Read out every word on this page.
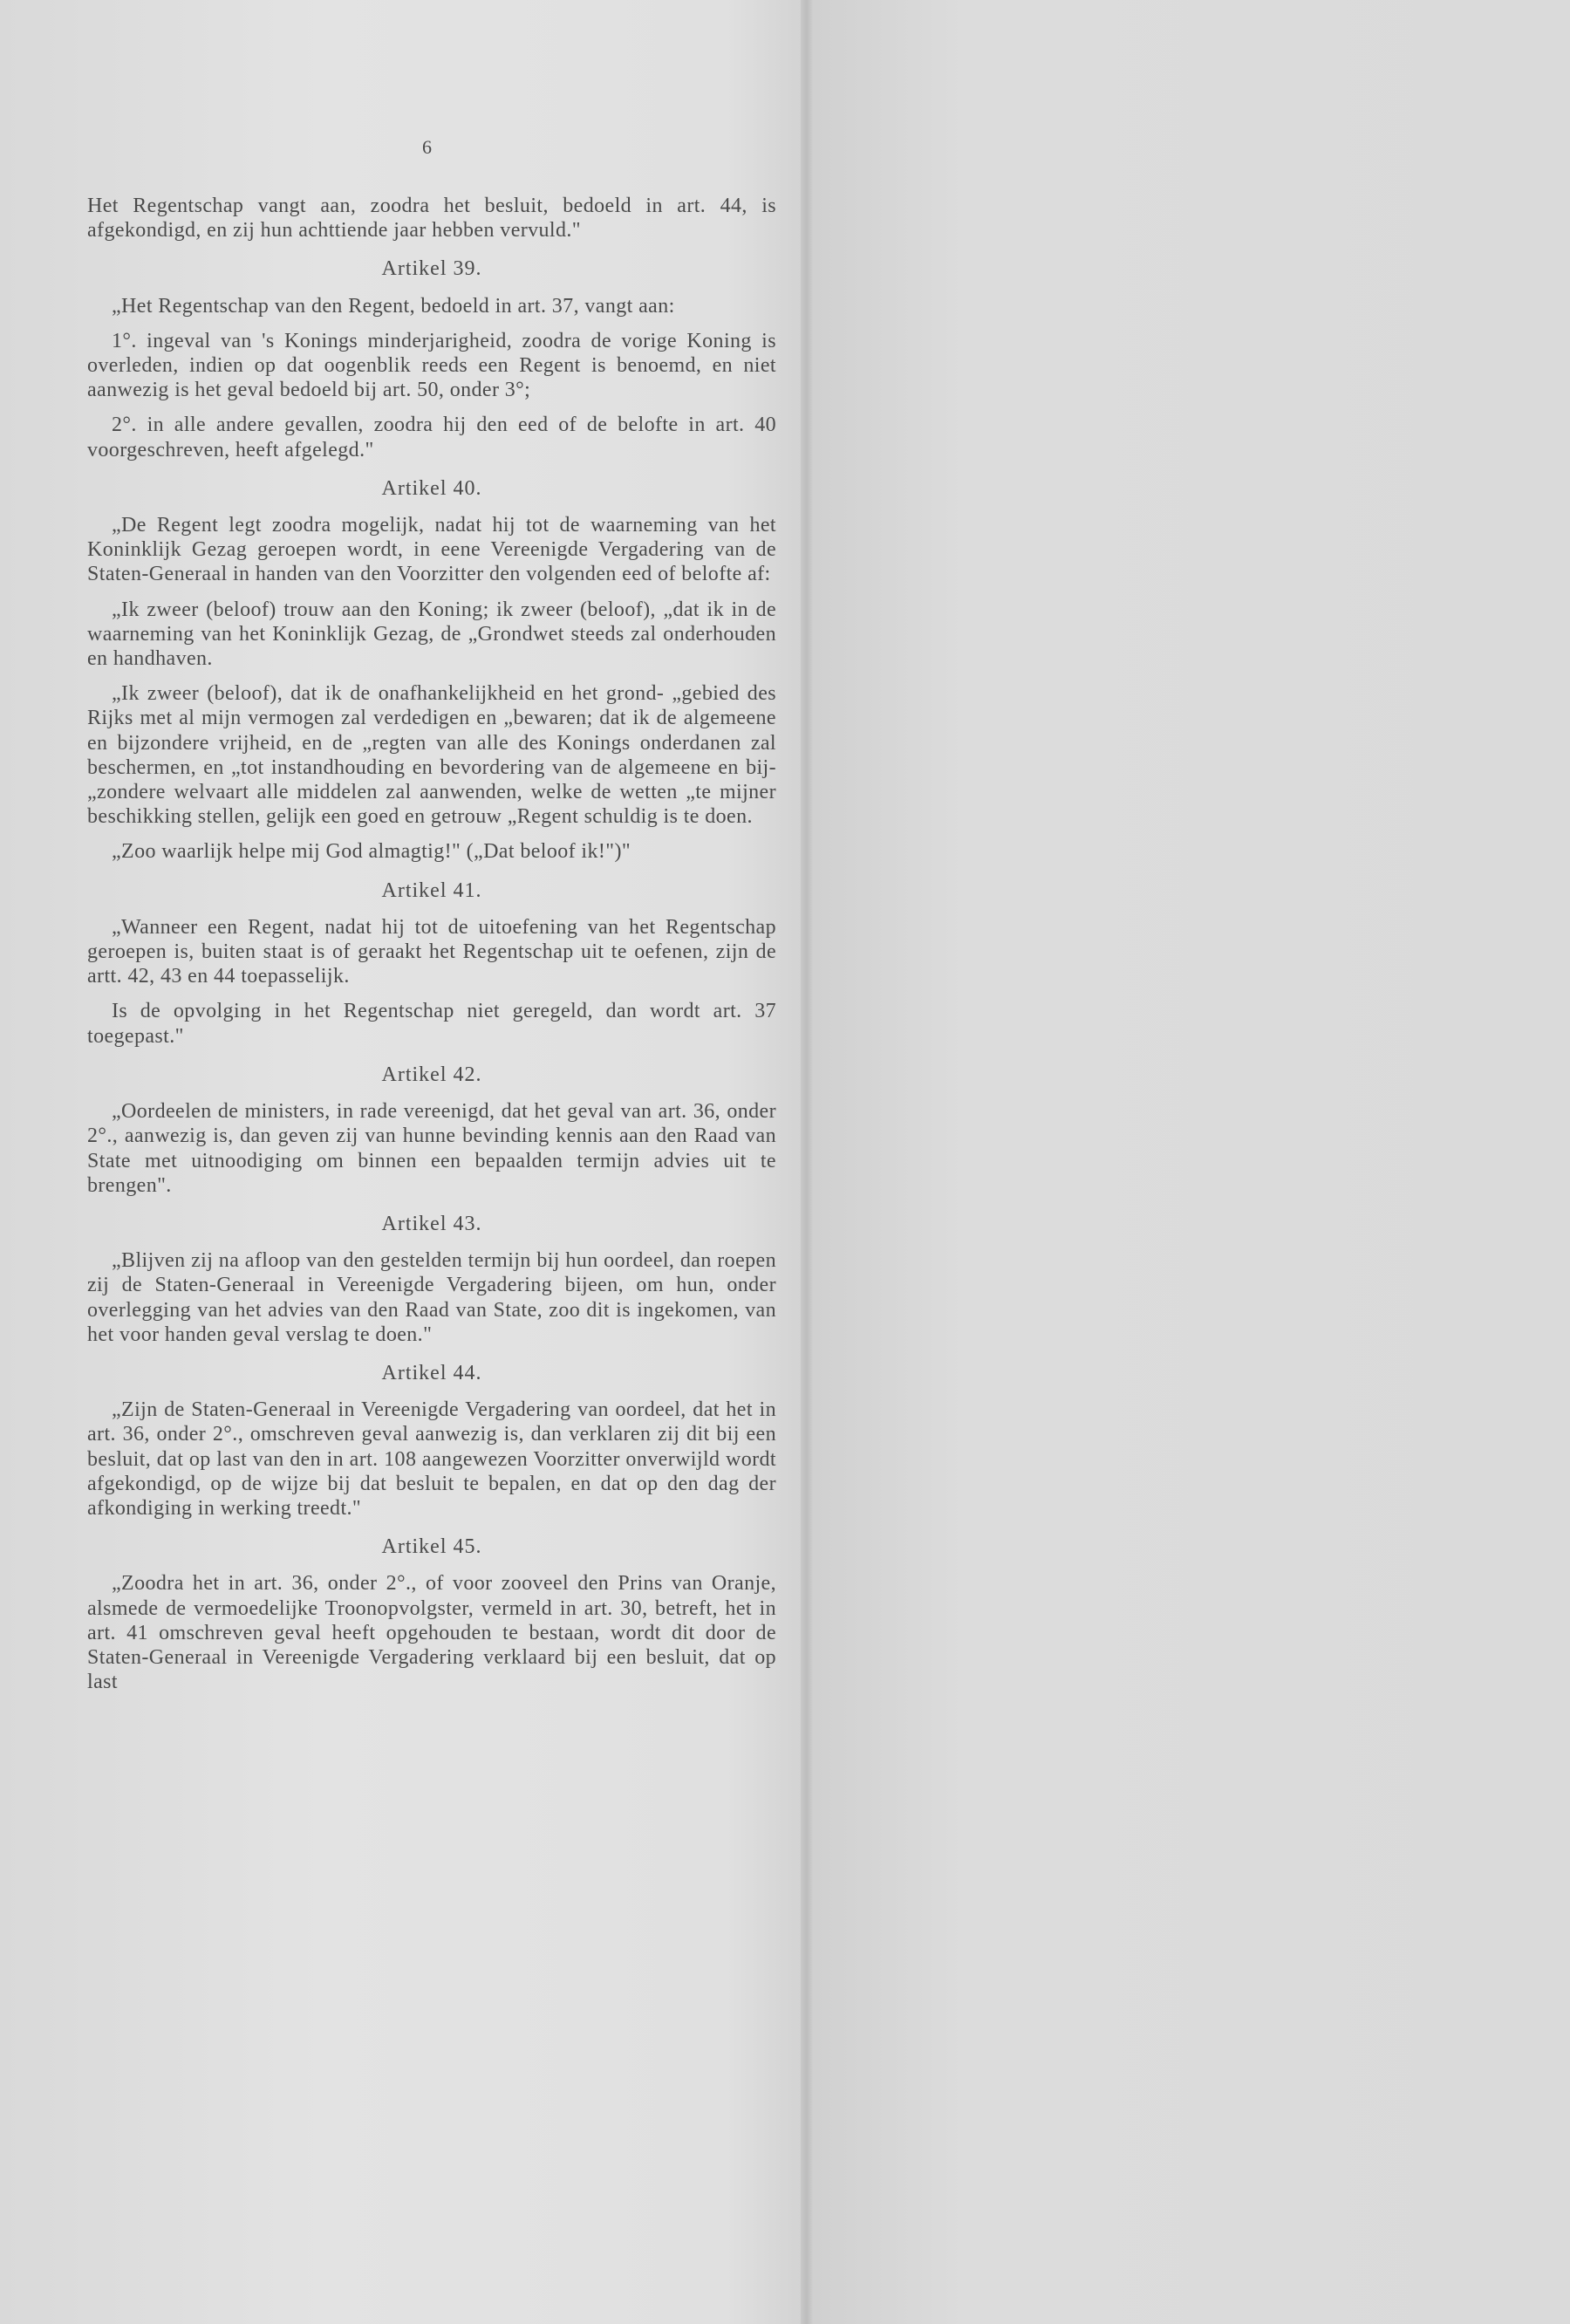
6
Het Regentschap vangt aan, zoodra het besluit, bedoeld in art. 44, is afgekondigd, en zij hun achttiende jaar hebben vervuld."
Artikel 39.
„Het Regentschap van den Regent, bedoeld in art. 37, vangt aan:
1°. ingeval van 's Konings minderjarigheid, zoodra de vorige Koning is overleden, indien op dat oogenblik reeds een Regent is benoemd, en niet aanwezig is het geval bedoeld bij art. 50, onder 3°;
2°. in alle andere gevallen, zoodra hij den eed of de belofte in art. 40 voorgeschreven, heeft afgelegd."
Artikel 40.
„De Regent legt zoodra mogelijk, nadat hij tot de waarneming van het Koninklijk Gezag geroepen wordt, in eene Vereenigde Vergadering van de Staten-Generaal in handen van den Voorzitter den volgenden eed of belofte af:
„Ik zweer (beloof) trouw aan den Koning; ik zweer (beloof), „dat ik in de waarneming van het Koninklijk Gezag, de „Grondwet steeds zal onderhouden en handhaven.
„Ik zweer (beloof), dat ik de onafhankelijkheid en het grond- „gebied des Rijks met al mijn vermogen zal verdedigen en „bewaren; dat ik de algemeene en bijzondere vrijheid, en de „regten van alle des Konings onderdanen zal beschermen, en „tot instandhouding en bevordering van de algemeene en bij- „zondere welvaart alle middelen zal aanwenden, welke de wetten „te mijner beschikking stellen, gelijk een goed en getrouw „Regent schuldig is te doen.
„Zoo waarlijk helpe mij God almagtig!" („Dat beloof ik!")"
Artikel 41.
„Wanneer een Regent, nadat hij tot de uitoefening van het Regentschap geroepen is, buiten staat is of geraakt het Regentschap uit te oefenen, zijn de artt. 42, 43 en 44 toepasselijk.
Is de opvolging in het Regentschap niet geregeld, dan wordt art. 37 toegepast."
Artikel 42.
„Oordeelen de ministers, in rade vereenigd, dat het geval van art. 36, onder 2°., aanwezig is, dan geven zij van hunne bevinding kennis aan den Raad van State met uitnoodiging om binnen een bepaalden termijn advies uit te brengen".
Artikel 43.
„Blijven zij na afloop van den gestelden termijn bij hun oordeel, dan roepen zij de Staten-Generaal in Vereenigde Vergadering bijeen, om hun, onder overlegging van het advies van den Raad van State, zoo dit is ingekomen, van het voor handen geval verslag te doen."
Artikel 44.
„Zijn de Staten-Generaal in Vereenigde Vergadering van oordeel, dat het in art. 36, onder 2°., omschreven geval aanwezig is, dan verklaren zij dit bij een besluit, dat op last van den in art. 108 aangewezen Voorzitter onverwijld wordt afgekondigd, op de wijze bij dat besluit te bepalen, en dat op den dag der afkondiging in werking treedt."
Artikel 45.
„Zoodra het in art. 36, onder 2°., of voor zooveel den Prins van Oranje, alsmede de vermoedelijke Troonopvolgster, vermeld in art. 30, betreft, het in art. 41 omschreven geval heeft opgehouden te bestaan, wordt dit door de Staten-Generaal in Vereenigde Vergadering verklaard bij een besluit, dat op last
